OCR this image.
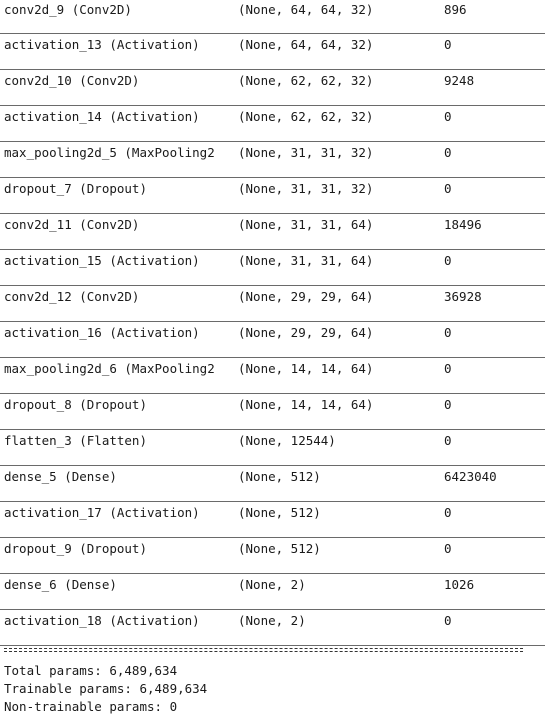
conv2d_9 (Conv2D)	(None, 64, 64, 32)	896
activation_13 (Activation)	(None, 64, 64, 32)	0
conv2d_10 (Conv2D)	(None, 62, 62, 32)	9248
activation_14 (Activation)	(None, 62, 62, 32)	0
max_pooling2d_5 (MaxPooling2	(None, 31, 31, 32)	0
dropout_7 (Dropout)	(None, 31, 31, 32)	0
conv2d_11 (Conv2D)	(None, 31, 31, 64)	18496
activation_15 (Activation)	(None, 31, 31, 64)	0
conv2d_12 (Conv2D)	(None, 29, 29, 64)	36928
activation_16 (Activation)	(None, 29, 29, 64)	0
max_pooling2d_6 (MaxPooling2	(None, 14, 14, 64)	0
dropout_8 (Dropout)	(None, 14, 14, 64)	0
flatten_3 (Flatten)	(None, 12544)	0
dense_5 (Dense)	(None, 512)	6423040
activation_17 (Activation)	(None, 512)	0
dropout_9 (Dropout)	(None, 512)	0
dense_6 (Dense)	(None, 2)	1026
activation_18 (Activation)	(None, 2)	0

Total params: 6,489,634
Trainable params: 6,489,634
Non-trainable params: 0
